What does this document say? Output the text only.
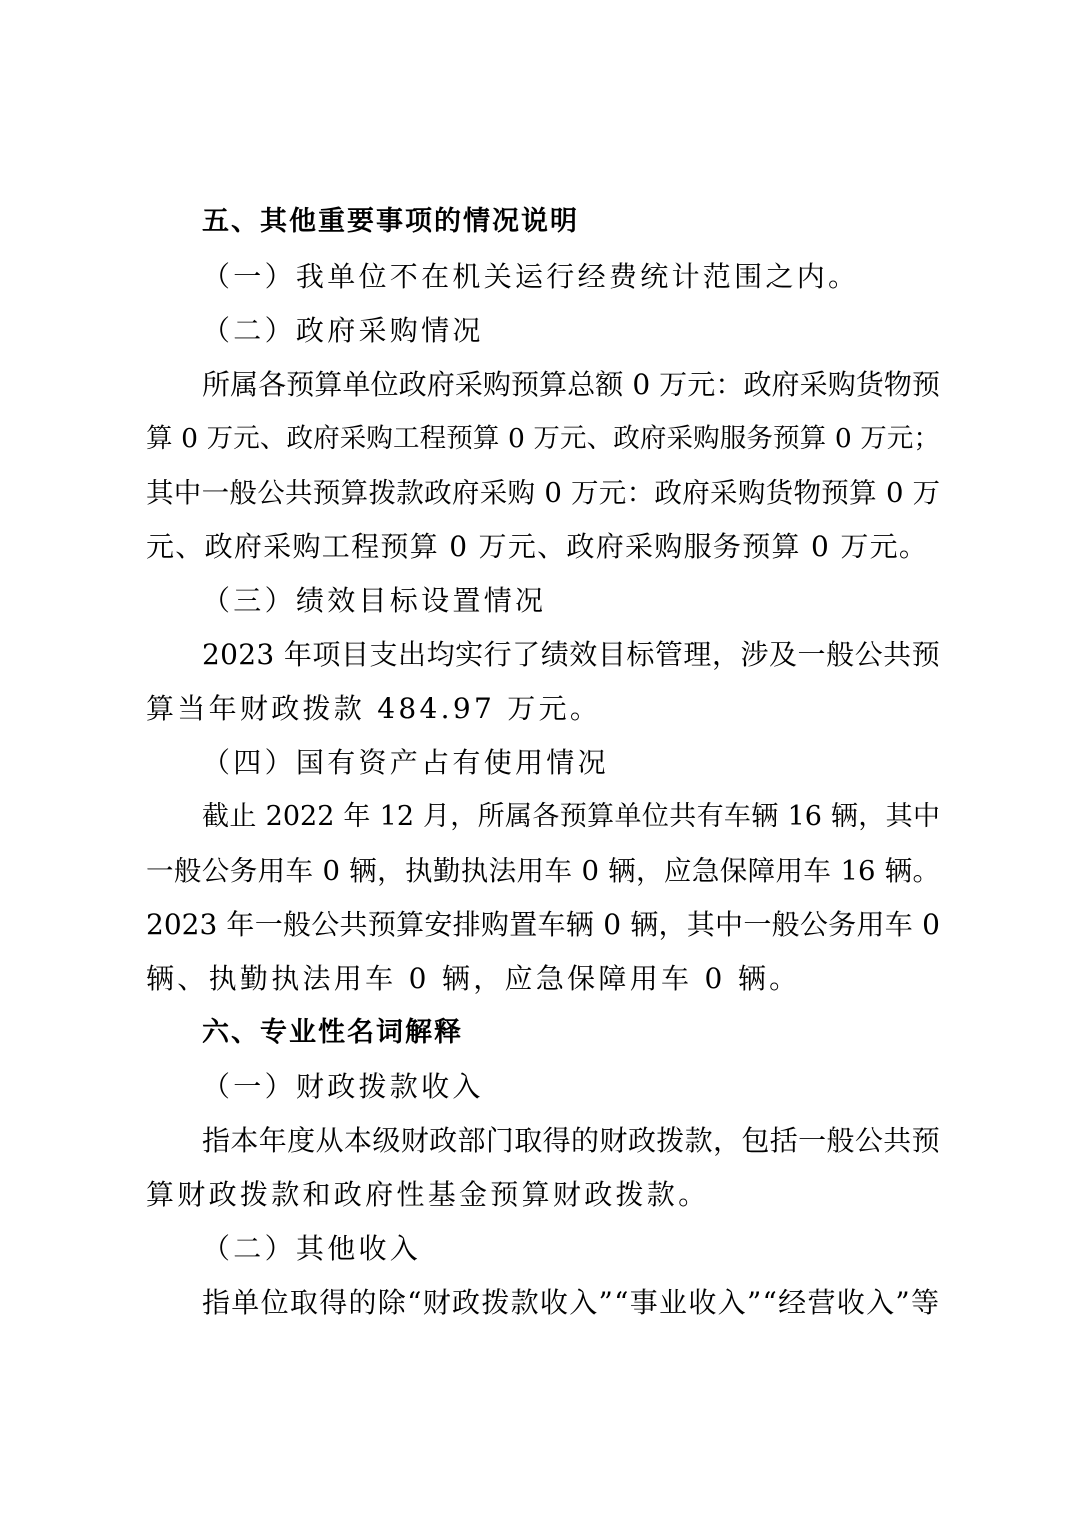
五、其他重要事项的情况说明
（一）我单位不在机关运行经费统计范围之内。
（二）政府采购情况
所属各预算单位政府采购预算总额 0 万元：政府采购货物预
算 0 万元、政府采购工程预算 0 万元、政府采购服务预算 0 万元；
其中一般公共预算拨款政府采购 0 万元：政府采购货物预算 0 万
元、政府采购工程预算 0 万元、政府采购服务预算 0 万元。
（三）绩效目标设置情况
2023 年项目支出均实行了绩效目标管理，涉及一般公共预
算当年财政拨款 484.97 万元。
（四）国有资产占有使用情况
截止 2022 年 12 月，所属各预算单位共有车辆 16 辆，其中
一般公务用车 0 辆，执勤执法用车 0 辆，应急保障用车 16 辆。
2023 年一般公共预算安排购置车辆 0 辆，其中一般公务用车 0
辆、执勤执法用车 0 辆，应急保障用车 0 辆。
六、专业性名词解释
（一）财政拨款收入
指本年度从本级财政部门取得的财政拨款，包括一般公共预
算财政拨款和政府性基金预算财政拨款。
（二）其他收入
指单位取得的除“财政拨款收入”“事业收入”“经营收入”等
